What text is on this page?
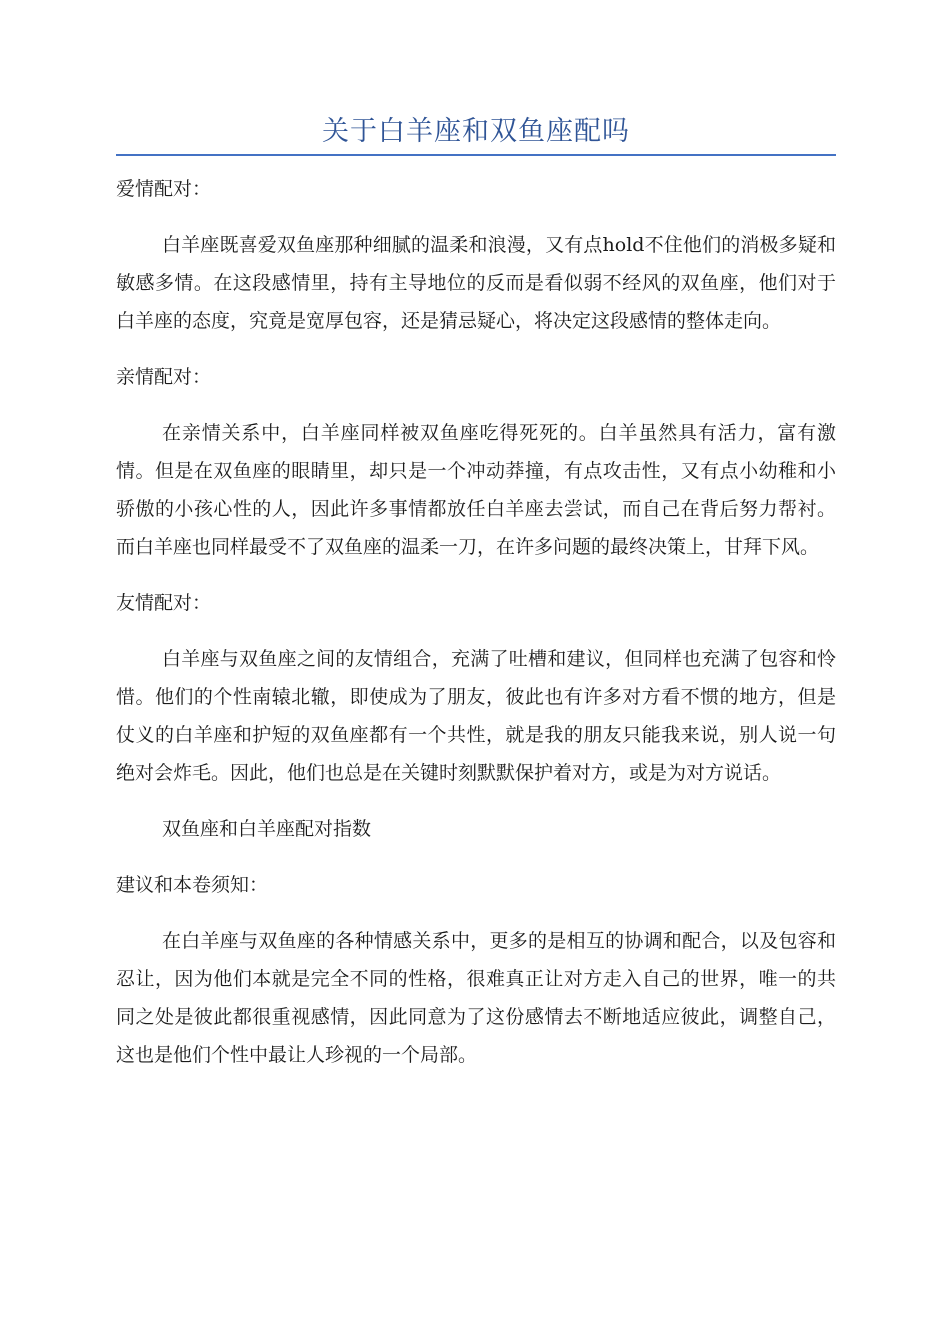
关于白羊座和双鱼座配吗

爱情配对：

白羊座既喜爱双鱼座那种细腻的温柔和浪漫，又有点hold不住他们的消极多疑和敏感多情。在这段感情里，持有主导地位的反而是看似弱不经风的双鱼座，他们对于白羊座的态度，究竟是宽厚包容，还是猜忌疑心，将决定这段感情的整体走向。

亲情配对：

在亲情关系中，白羊座同样被双鱼座吃得死死的。白羊虽然具有活力，富有激情。但是在双鱼座的眼睛里，却只是一个冲动莽撞，有点攻击性，又有点小幼稚和小骄傲的小孩心性的人，因此许多事情都放任白羊座去尝试，而自己在背后努力帮衬。而白羊座也同样最受不了双鱼座的温柔一刀，在许多问题的最终决策上，甘拜下风。

友情配对：

白羊座与双鱼座之间的友情组合，充满了吐槽和建议，但同样也充满了包容和怜惜。他们的个性南辕北辙，即使成为了朋友，彼此也有许多对方看不惯的地方，但是仗义的白羊座和护短的双鱼座都有一个共性，就是我的朋友只能我来说，别人说一句绝对会炸毛。因此，他们也总是在关键时刻默默保护着对方，或是为对方说话。

双鱼座和白羊座配对指数

建议和本卷须知：

在白羊座与双鱼座的各种情感关系中，更多的是相互的协调和配合，以及包容和忍让，因为他们本就是完全不同的性格，很难真正让对方走入自己的世界，唯一的共同之处是彼此都很重视感情，因此同意为了这份感情去不断地适应彼此，调整自己，这也是他们个性中最让人珍视的一个局部。
